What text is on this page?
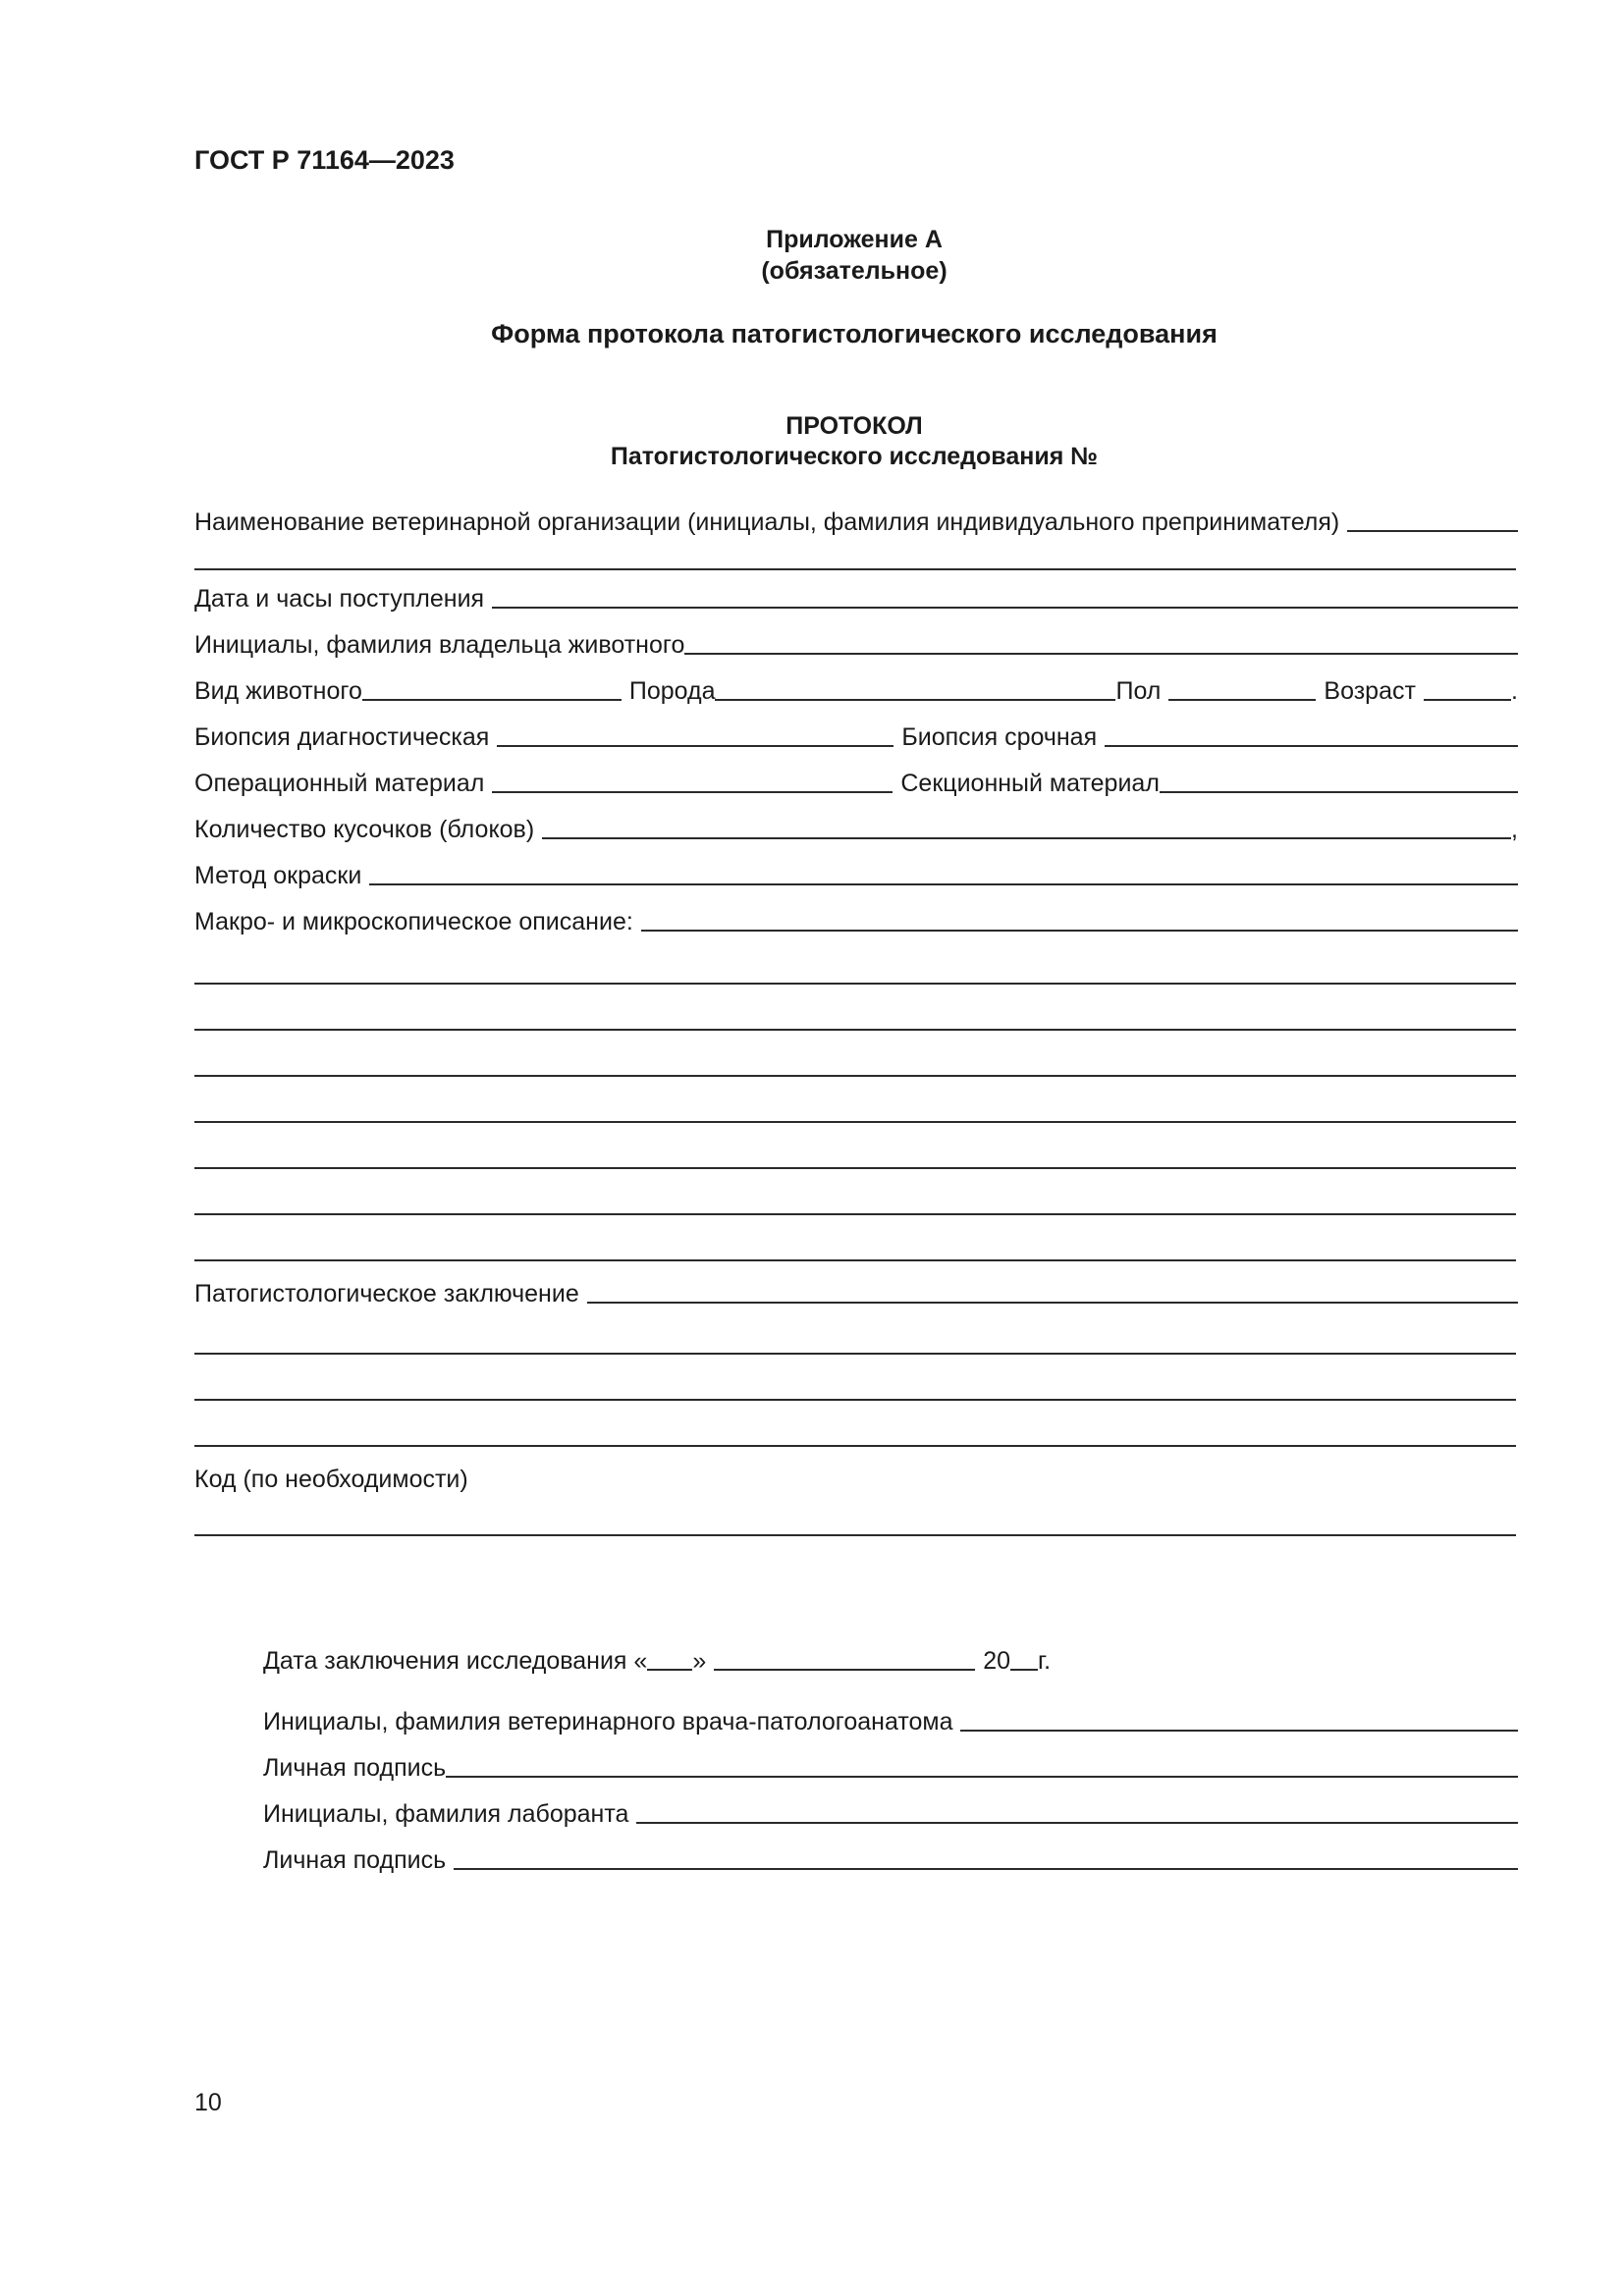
ГОСТ Р 71164—2023
Приложение А
(обязательное)
Форма протокола патогистологического исследования
ПРОТОКОЛ
Патогистологического исследования №
Наименование ветеринарной организации (инициалы, фамилия индивидуального препринимателя)
Дата и часы поступления
Инициалы, фамилия владельца животного
Вид животного	Порода	Пол	Возраст	.
Биопсия диагностическая	Биопсия срочная
Операционный материал	Секционный материал
Количество кусочков (блоков)	,
Метод окраски
Макро- и микроскопическое описание:
Патогистологическое заключение
Код (по необходимости)
Дата заключения исследования « »	20 г.
Инициалы, фамилия ветеринарного врача-патологоанатома
Личная подпись
Инициалы, фамилия лаборанта
Личная подпись
10
